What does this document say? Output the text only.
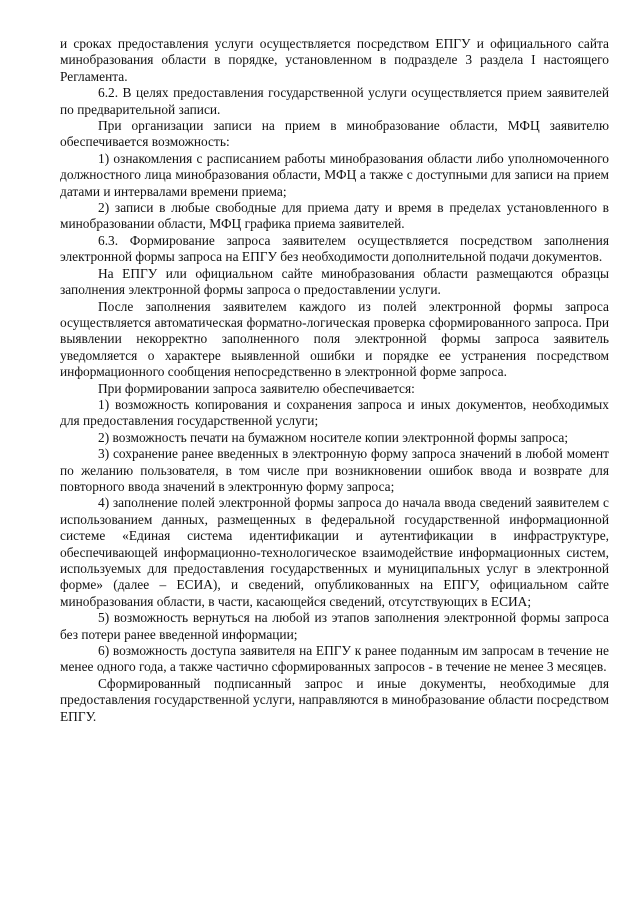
и сроках предоставления услуги осуществляется посредством ЕПГУ и официального сайта минобразования области в порядке, установленном в подразделе 3 раздела I настоящего Регламента.

6.2. В целях предоставления государственной услуги осуществляется прием заявителей по предварительной записи.

При организации записи на прием в минобразование области, МФЦ заявителю обеспечивается возможность:

1) ознакомления с расписанием работы минобразования области либо уполномоченного должностного лица минобразования области, МФЦ а также с доступными для записи на прием датами и интервалами времени приема;

2) записи в любые свободные для приема дату и время в пределах установленного в минобразовании области, МФЦ графика приема заявителей.

6.3. Формирование запроса заявителем осуществляется посредством заполнения электронной формы запроса на ЕПГУ без необходимости дополнительной подачи документов.

На ЕПГУ или официальном сайте минобразования области размещаются образцы заполнения электронной формы запроса о предоставлении услуги.

После заполнения заявителем каждого из полей электронной формы запроса осуществляется автоматическая форматно-логическая проверка сформированного запроса. При выявлении некорректно заполненного поля электронной формы запроса заявитель уведомляется о характере выявленной ошибки и порядке ее устранения посредством информационного сообщения непосредственно в электронной форме запроса.

При формировании запроса заявителю обеспечивается:

1) возможность копирования и сохранения запроса и иных документов, необходимых для предоставления государственной услуги;

2) возможность печати на бумажном носителе копии электронной формы запроса;

3) сохранение ранее введенных в электронную форму запроса значений в любой момент по желанию пользователя, в том числе при возникновении ошибок ввода и возврате для повторного ввода значений в электронную форму запроса;

4) заполнение полей электронной формы запроса до начала ввода сведений заявителем с использованием данных, размещенных в федеральной государственной информационной системе «Единая система идентификации и аутентификации в инфраструктуре, обеспечивающей информационно-технологическое взаимодействие информационных систем, используемых для предоставления государственных и муниципальных услуг в электронной форме» (далее – ЕСИА), и сведений, опубликованных на ЕПГУ, официальном сайте минобразования области, в части, касающейся сведений, отсутствующих в ЕСИА;

5) возможность вернуться на любой из этапов заполнения электронной формы запроса без потери ранее введенной информации;

6) возможность доступа заявителя на ЕПГУ к ранее поданным им запросам в течение не менее одного года, а также частично сформированных запросов - в течение не менее 3 месяцев.

Сформированный подписанный запрос и иные документы, необходимые для предоставления государственной услуги, направляются в минобразование области посредством ЕПГУ.
